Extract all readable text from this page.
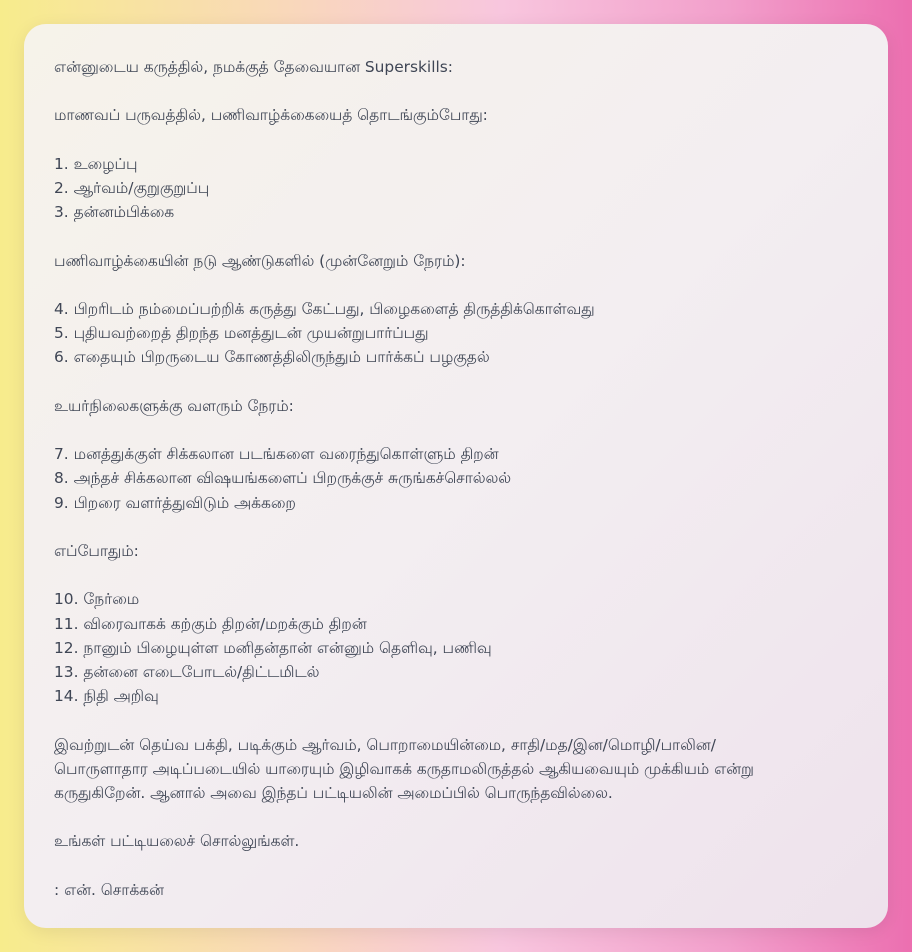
என்னுடைய கருத்தில், நமக்குத் தேவையான Superskills:
மாணவப் பருவத்தில், பணிவாழ்க்கையைத் தொடங்கும்போது:
1. உழைப்பு
2. ஆர்வம்/குறுகுறுப்பு
3. தன்னம்பிக்கை
பணிவாழ்க்கையின் நடு ஆண்டுகளில் (முன்னேறும் நேரம்):
4. பிறரிடம் நம்மைப்பற்றிக் கருத்து கேட்பது, பிழைகளைத் திருத்திக்கொள்வது
5. புதியவற்றைத் திறந்த மனத்துடன் முயன்றுபார்ப்பது
6. எதையும் பிறருடைய கோணத்திலிருந்தும் பார்க்கப் பழகுதல்
உயர்நிலைகளுக்கு வளரும் நேரம்:
7. மனத்துக்குள் சிக்கலான படங்களை வரைந்துகொள்ளும் திறன்
8. அந்தச் சிக்கலான விஷயங்களைப் பிறருக்குச் சுருங்கச்சொல்லல்
9. பிறரை வளர்த்துவிடும் அக்கறை
எப்போதும்:
10. நேர்மை
11. விரைவாகக் கற்கும் திறன்/மறக்கும் திறன்
12. நானும் பிழையுள்ள மனிதன்தான் என்னும் தெளிவு, பணிவு
13. தன்னை எடைபோடல்/திட்டமிடல்
14. நிதி அறிவு
இவற்றுடன் தெய்வ பக்தி, படிக்கும் ஆர்வம், பொறாமையின்மை, சாதி/மத/இன/மொழி/பாலின/
பொருளாதார அடிப்படையில் யாரையும் இழிவாகக் கருதாமலிருத்தல் ஆகியவையும் முக்கியம் என்று
கருதுகிறேன். ஆனால் அவை இந்தப் பட்டியலின் அமைப்பில் பொருந்தவில்லை.
உங்கள் பட்டியலைச் சொல்லுங்கள்.
: என். சொக்கன்
